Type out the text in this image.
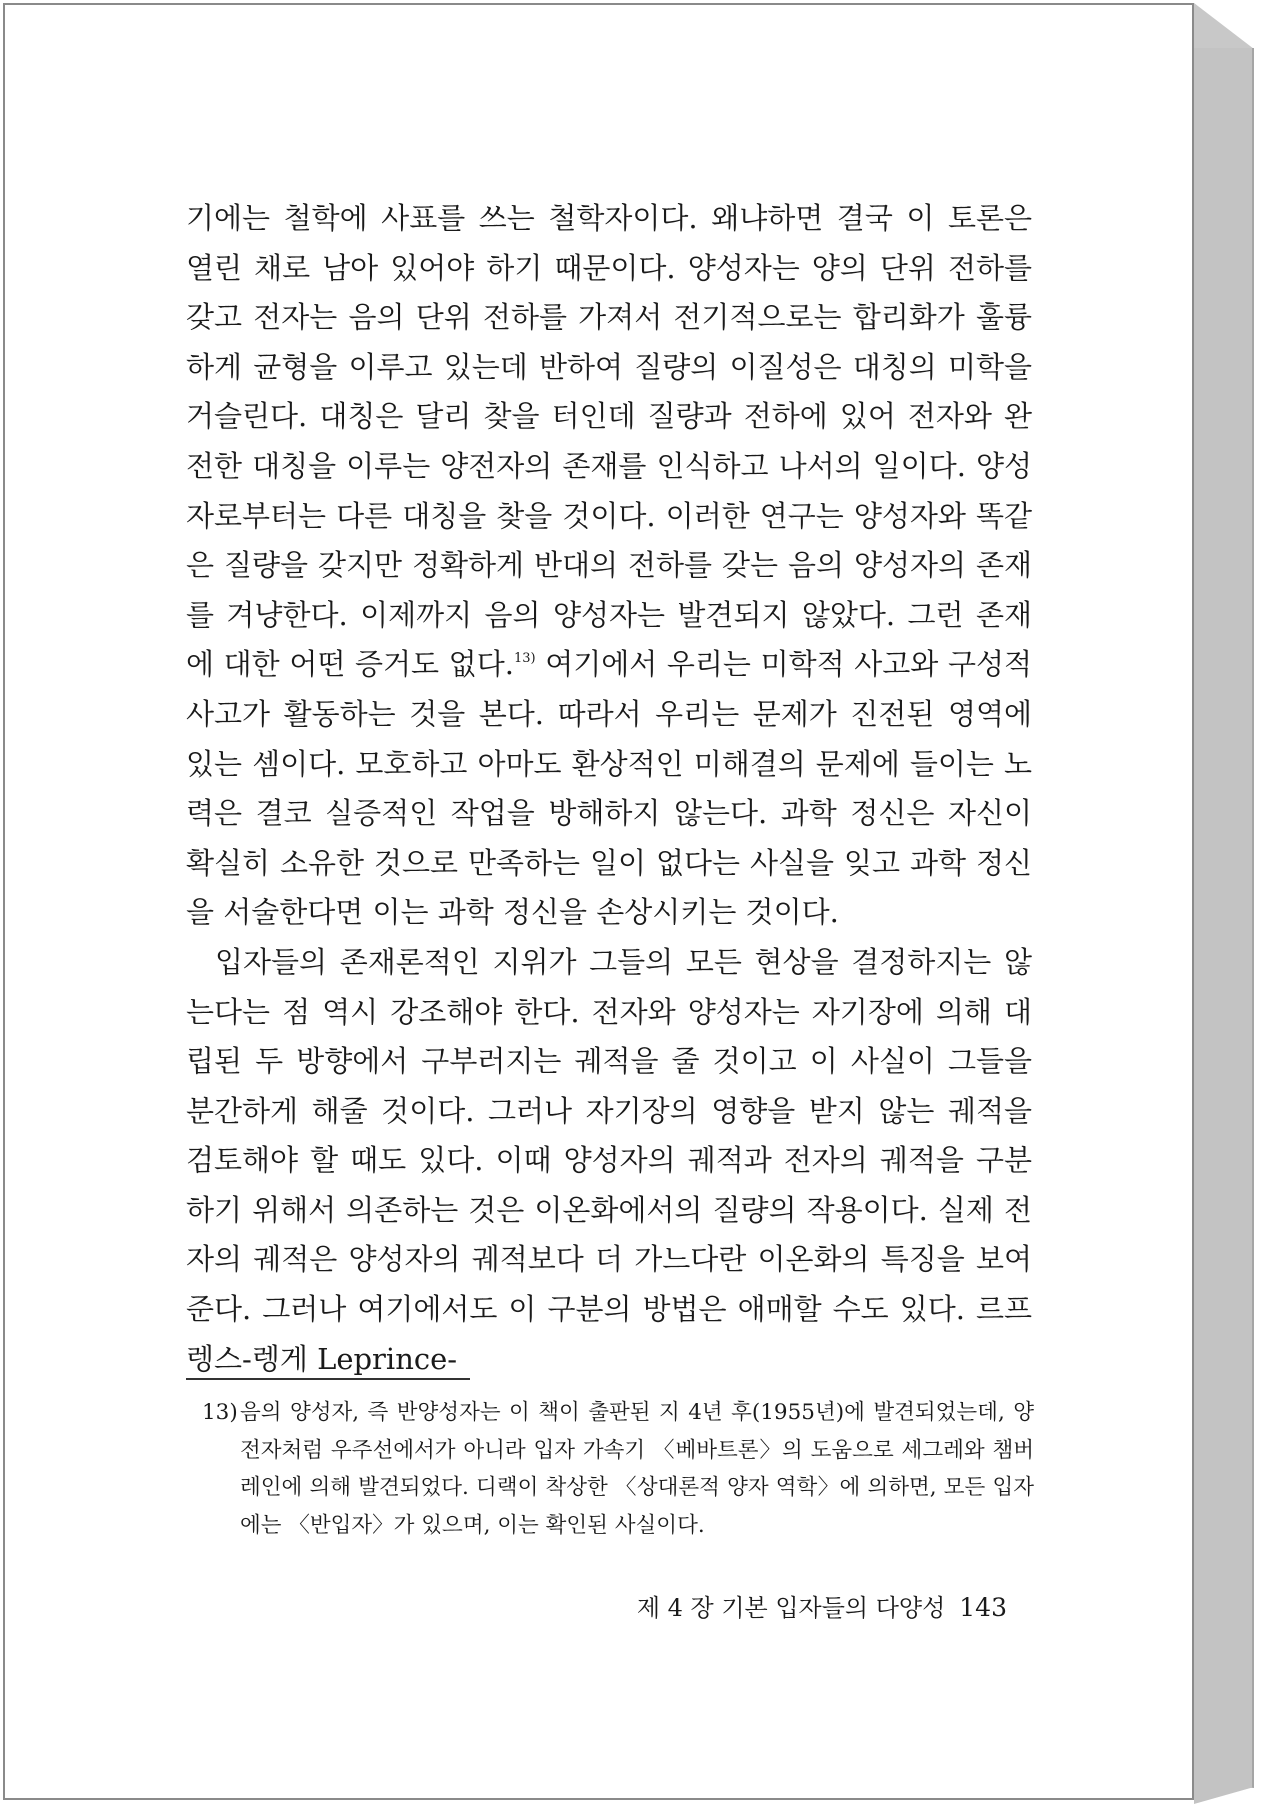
기에는 철학에 사표를 쓰는 철학자이다. 왜냐하면 결국 이 토론은 열린 채로 남아 있어야 하기 때문이다. 양성자는 양의 단위 전하를 갖고 전자는 음의 단위 전하를 가져서 전기적으로는 합리화가 훌륭하게 균형을 이루고 있는데 반하여 질량의 이질성은 대칭의 미학을 거슬린다. 대칭은 달리 찾을 터인데 질량과 전하에 있어 전자와 완전한 대칭을 이루는 양전자의 존재를 인식하고 나서의 일이다. 양성자로부터는 다른 대칭을 찾을 것이다. 이러한 연구는 양성자와 똑같은 질량을 갖지만 정확하게 반대의 전하를 갖는 음의 양성자의 존재를 겨냥한다. 이제까지 음의 양성자는 발견되지 않았다. 그런 존재에 대한 어떤 증거도 없다.$^{13)}$ 여기에서 우리는 미학적 사고와 구성적 사고가 활동하는 것을 본다. 따라서 우리는 문제가 진전된 영역에 있는 셈이다. 모호하고 아마도 환상적인 미해결의 문제에 들이는 노력은 결코 실증적인 작업을 방해하지 않는다. 과학 정신은 자신이 확실히 소유한 것으로 만족하는 일이 없다는 사실을 잊고 과학 정신을 서술한다면 이는 과학 정신을 손상시키는 것이다.

입자들의 존재론적인 지위가 그들의 모든 현상을 결정하지는 않는다는 점 역시 강조해야 한다. 전자와 양성자는 자기장에 의해 대립된 두 방향에서 구부러지는 궤적을 줄 것이고 이 사실이 그들을 분간하게 해줄 것이다. 그러나 자기장의 영향을 받지 않는 궤적을 검토해야 할 때도 있다. 이때 양성자의 궤적과 전자의 궤적을 구분하기 위해서 의존하는 것은 이온화에서의 질량의 작용이다. 실제 전자의 궤적은 양성자의 궤적보다 더 가느다란 이온화의 특징을 보여준다. 그러나 여기에서도 이 구분의 방법은 애매할 수도 있다. 르프렝스-렝게 Leprince-

13) 음의 양성자, 즉 반양성자는 이 책이 출판된 지 4년 후(1955년)에 발견되었는데, 양전자처럼 우주선에서가 아니라 입자 가속기 〈베바트론〉의 도움으로 세그레와 챔버레인에 의해 발견되었다. 디랙이 착상한 〈상대론적 양자 역학〉에 의하면, 모든 입자에는 〈반입자〉가 있으며, 이는 확인된 사실이다.
제 4 장 기본 입자들의 다양성 143
